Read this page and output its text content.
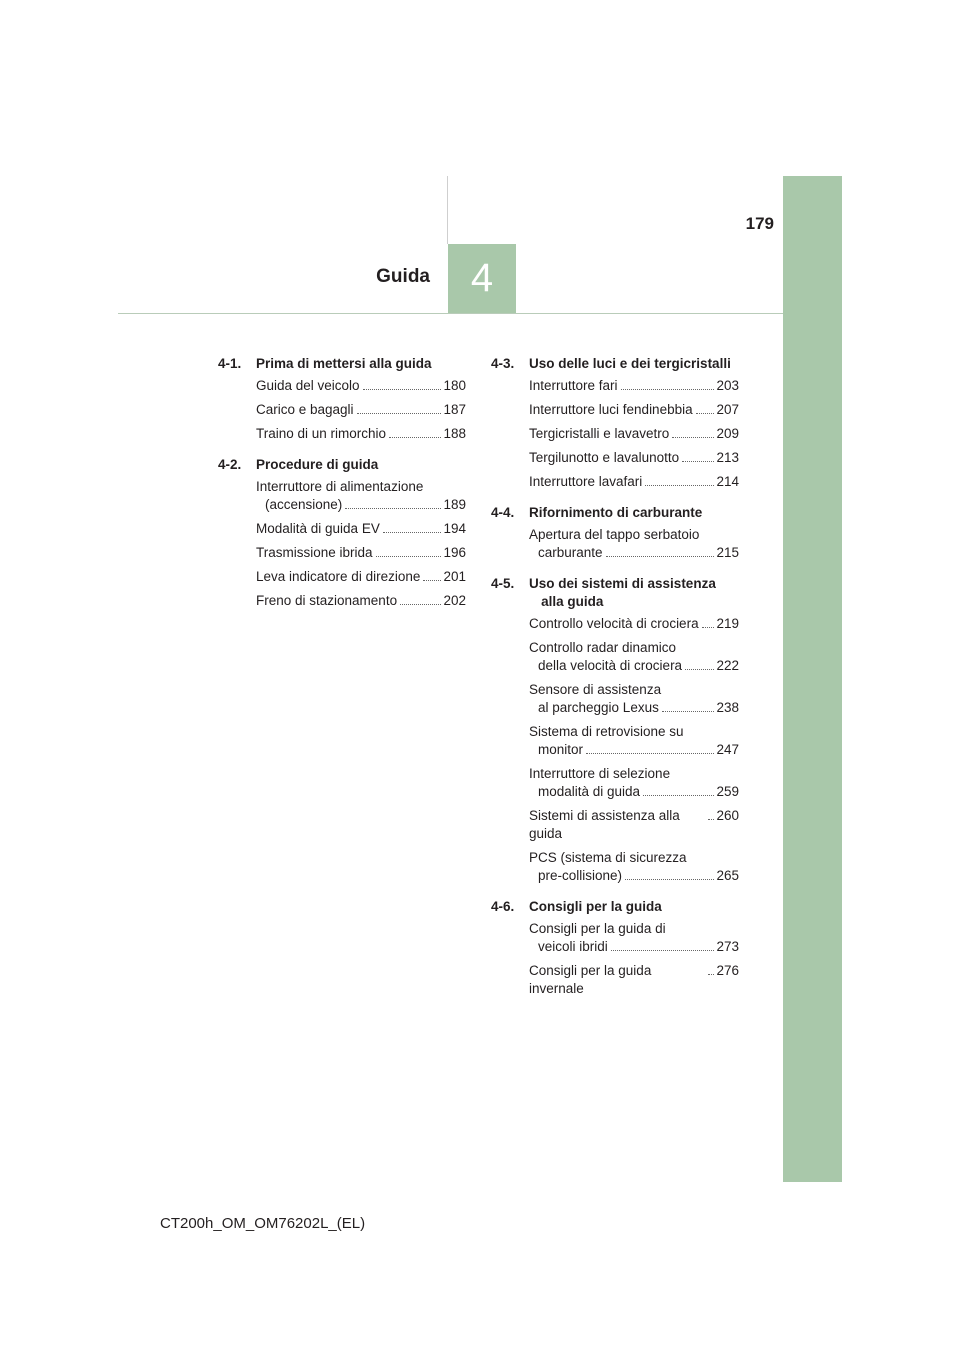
179
Guida	4
4-1.	Prima di mettersi alla guida
Guida del veicolo	180
Carico e bagagli	187
Traino di un rimorchio	188
4-2.	Procedure di guida
Interruttore di alimentazione
(accensione)	189
Modalità di guida EV	194
Trasmissione ibrida	196
Leva indicatore di direzione 201
Freno di stazionamento	202
4-3.	Uso delle luci e dei tergicristalli
Interruttore fari	203
Interruttore luci fendinebbia 207
Tergicristalli e lavavetro	209
Tergilunotto e lavalunotto	213
Interruttore lavafari	214
4-4.	Rifornimento di carburante
Apertura del tappo serbatoio
carburante	215
4-5.	Uso dei sistemi di assistenza alla guida
Controllo velocità di crociera 219
Controllo radar dinamico
della velocità di crociera	222
Sensore di assistenza
al parcheggio Lexus	238
Sistema di retrovisione su
monitor	247
Interruttore di selezione
modalità di guida	259
Sistemi di assistenza alla guida
260
PCS (sistema di sicurezza
pre-collisione)	265
4-6.	Consigli per la guida
Consigli per la guida di
veicoli ibridi	273
Consigli per la guida invernale
276
CT200h_OM_OM76202L_(EL)
